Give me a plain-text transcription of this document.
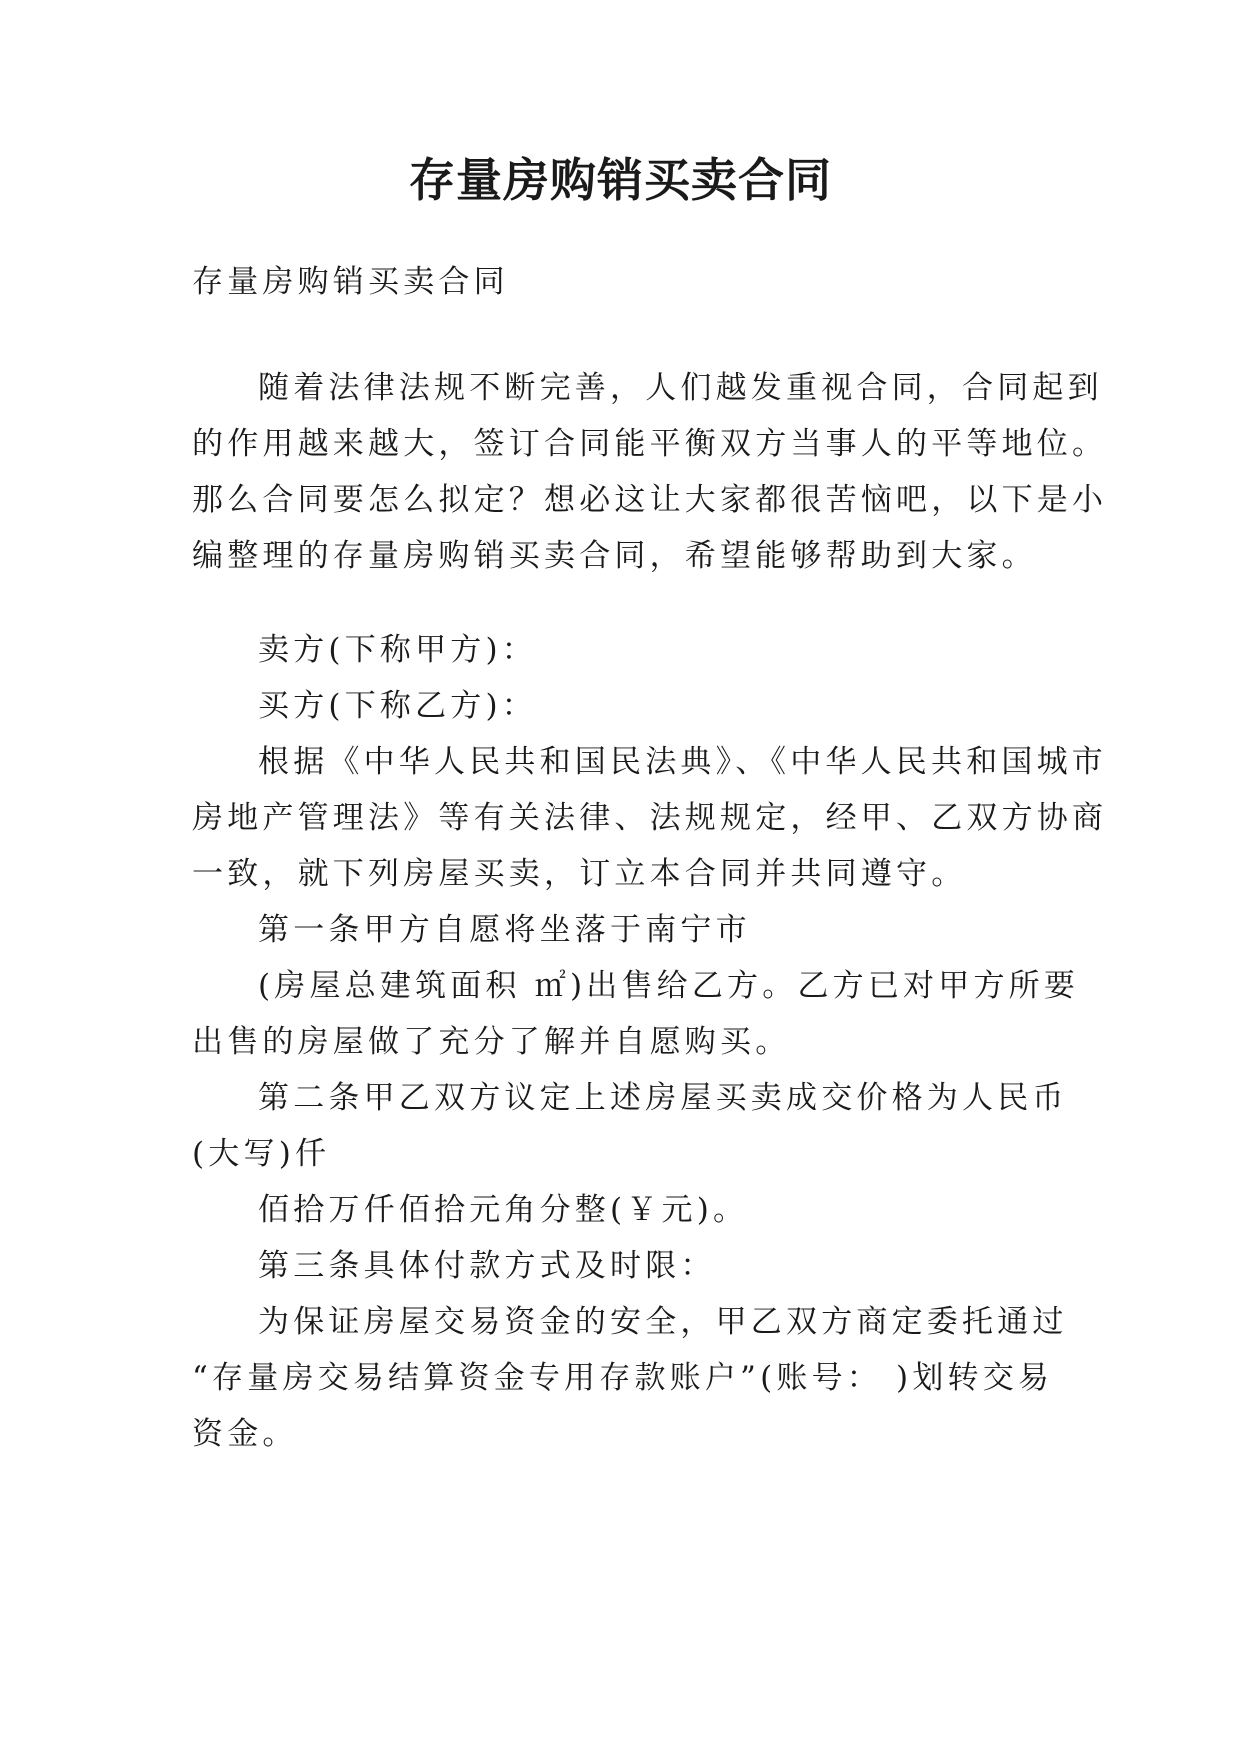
存量房购销买卖合同
存量房购销买卖合同
随着法律法规不断完善，人们越发重视合同，合同起到
的作用越来越大，签订合同能平衡双方当事人的平等地位。
那么合同要怎么拟定？想必这让大家都很苦恼吧，以下是小
编整理的存量房购销买卖合同，希望能够帮助到大家。
卖方(下称甲方)：
买方(下称乙方)：
根据《中华人民共和国民法典》、《中华人民共和国城市
房地产管理法》等有关法律、法规规定，经甲、乙双方协商
一致，就下列房屋买卖，订立本合同并共同遵守。
第一条甲方自愿将坐落于南宁市
(房屋总建筑面积 ㎡)出售给乙方。乙方已对甲方所要
出售的房屋做了充分了解并自愿购买。
第二条甲乙双方议定上述房屋买卖成交价格为人民币
(大写)仟
佰拾万仟佰拾元角分整(￥元)。
第三条具体付款方式及时限：
为保证房屋交易资金的安全，甲乙双方商定委托通过
“存量房交易结算资金专用存款账户”(账号： )划转交易
资金。
